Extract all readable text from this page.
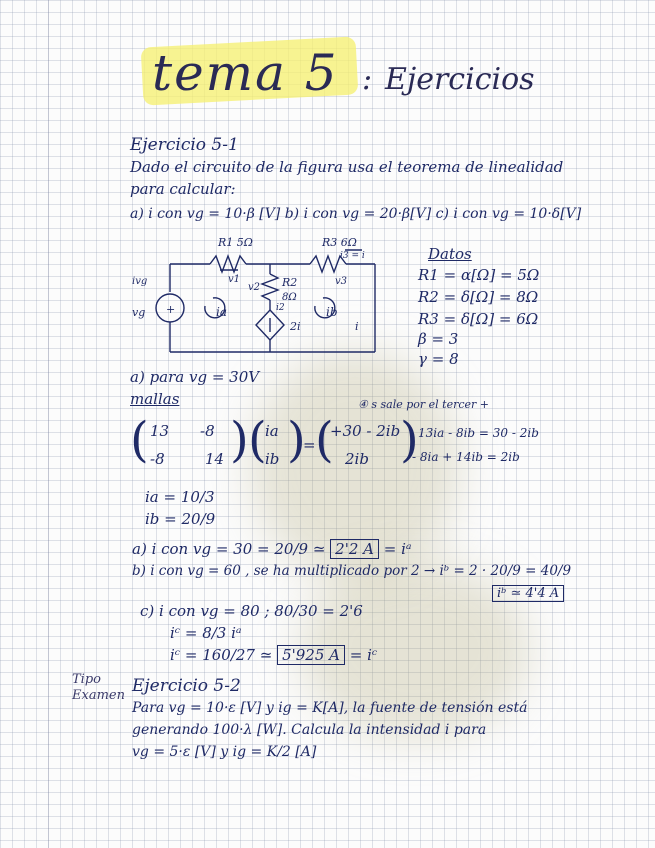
tema 5 : Ejercicios
Ejercicio 5-1
Dado el circuito de la figura usa el teorema de linealidad
para calcular:
a) i con vg = 10·β [V] b) i con vg = 20·β[V] c) i con vg = 10·δ[V]
+
R1 5Ω	R3 6Ω
R2
8Ω
v1
v2
v3
ivg
vg	ia	ib
2i	i
i3 = i
i2
Datos
R1 = α[Ω] = 5Ω
R2 = δ[Ω] = 8Ω
R3 = δ[Ω] = 6Ω
β = 3
γ = 8
a) para vg = 30V
mallas	④ s sale por el tercer +
( 13 -8
-8	14 ) (
ia
ib )
= (
+30 - 2ib
2ib ) 13ia - 8ib = 30 - 2ib
- 8ia + 14ib = 2ib
ia = 10/3
ib = 20/9
a) i con vg = 30 = 20/9 ≃ 2'2 A = iᵃ
b) i con vg = 60 , se ha multiplicado por 2 → iᵇ = 2 · 20/9 = 40/9
iᵇ ≃ 4'4 A
c) i con vg = 80 ; 80/30 = 2'6
iᶜ = 8/3 iᵃ
iᶜ = 160/27 ≃ 5'925 A = iᶜ
Tipo
Examen Ejercicio 5-2
Para vg = 10·ε [V] y ig = K[A], la fuente de tensión está
generando 100·λ [W]. Calcula la intensidad i para
vg = 5·ε [V] y ig = K/2 [A]
